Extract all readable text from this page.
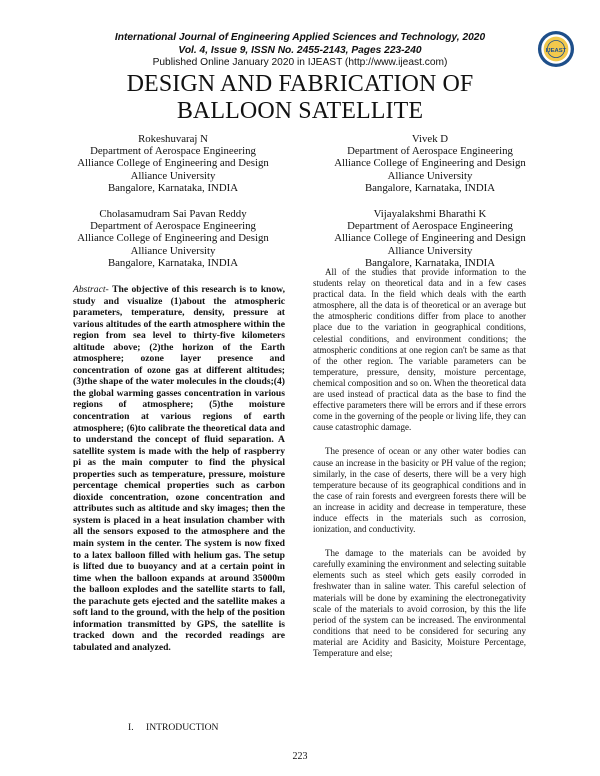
International Journal of Engineering Applied Sciences and Technology, 2020
Vol. 4, Issue 9, ISSN No. 2455-2143, Pages 223-240
Published Online January 2020 in IJEAST (http://www.ijeast.com)
IJEAST
DESIGN AND FABRICATION OF
BALLOON SATELLITE
Rokeshuvaraj N
Department of Aerospace Engineering
Alliance College of Engineering and Design
Alliance University
Bangalore, Karnataka, INDIA
Vivek D
Department of Aerospace Engineering
Alliance College of Engineering and Design
Alliance University
Bangalore, Karnataka, INDIA
Cholasamudram Sai Pavan Reddy
Department of Aerospace Engineering
Alliance College of Engineering and Design
Alliance University
Bangalore, Karnataka, INDIA
Vijayalakshmi Bharathi K
Department of Aerospace Engineering
Alliance College of Engineering and Design
Alliance University
Bangalore, Karnataka, INDIA
Abstract- The objective of this research is to know, study and visualize (1)about the atmospheric parameters, temperature, density, pressure at various altitudes of the earth atmosphere within the region from sea level to thirty-five kilometers altitude above; (2)the horizon of the Earth atmosphere; ozone layer presence and concentration of ozone gas at different altitudes; (3)the shape of the water molecules in the clouds;(4) the global warming gasses concentration in various regions of atmosphere; (5)the moisture concentration at various regions of earth atmosphere; (6)to calibrate the theoretical data and to understand the concept of fluid separation. A satellite system is made with the help of raspberry pi as the main computer to find the physical properties such as temperature, pressure, moisture percentage chemical properties such as carbon dioxide concentration, ozone concentration and attributes such as altitude and sky images; then the system is placed in a heat insulation chamber with all the sensors exposed to the atmosphere and the main system in the center. The system is now fixed to a latex balloon filled with helium gas. The setup is lifted due to buoyancy and at a certain point in time when the balloon expands at around 35000m the balloon explodes and the satellite starts to fall, the parachute gets ejected and the satellite makes a soft land to the ground, with the help of the position information transmitted by GPS, the satellite is tracked down and the recorded readings are tabulated and analyzed.

All of the studies that provide information to the students relay on theoretical data and in a few cases practical data. In the field which deals with the earth atmosphere, all the data is of theoretical or an average but the atmospheric conditions differ from place to another place due to the variation in geographical conditions, celestial conditions, and environment conditions; the atmospheric conditions at one region can't be same as that of the other region. The variable parameters can be temperature, pressure, density, moisture percentage, chemical composition and so on. When the theoretical data are used instead of practical data as the base to find the effective parameters there will be errors and if these errors come in the governing of the people or living life, they can cause catastrophic damage.

The presence of ocean or any other water bodies can cause an increase in the basicity or PH value of the region; similarly, in the case of deserts, there will be a very high temperature because of its geographical conditions and in the case of rain forests and evergreen forests there will be an increase in acidity and decrease in temperature, these induce effects in the materials such as corrosion, ionization, and conductivity.

The damage to the materials can be avoided by carefully examining the environment and selecting suitable elements such as steel which gets easily corroded in freshwater than in saline water. This careful selection of materials will be done by examining the electronegativity scale of the materials to avoid corrosion, by this the life period of the system can be increased. The environmental conditions that need to be considered for securing any material are Acidity and Basicity, Moisture Percentage, Temperature and else;

I. INTRODUCTION
223
